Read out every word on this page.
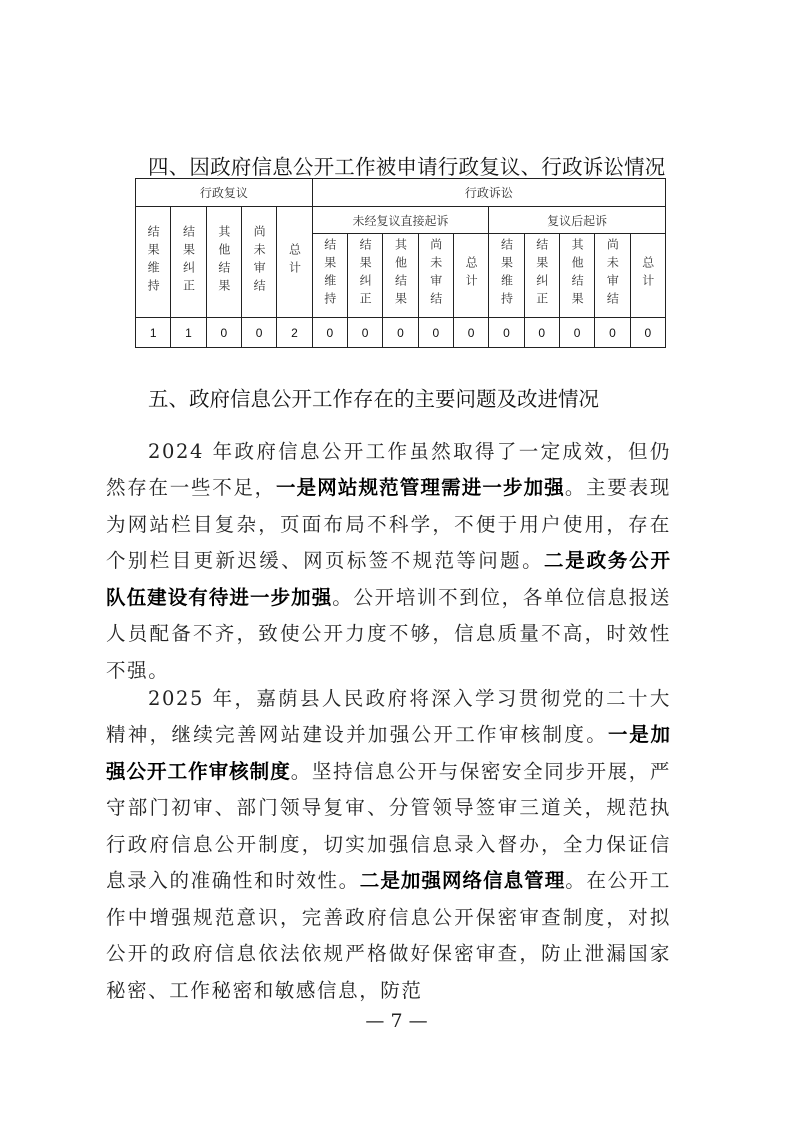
四、因政府信息公开工作被申请行政复议、行政诉讼情况
行政复议					行政诉讼									
结果维持	结果纠正	其他结果	尚未审结	总计	未经复议直接起诉					复议后起诉				
					结果维持	结果纠正	其他结果	尚未审结	总计	结果维持	结果纠正	其他结果	尚未审结	总计
1	1	0	0	2	0	0	0	0	0	0	0	0	0	0
五、政府信息公开工作存在的主要问题及改进情况

2024 年政府信息公开工作虽然取得了一定成效，但仍然存在一些不足，一是网站规范管理需进一步加强。主要表现为网站栏目复杂，页面布局不科学，不便于用户使用，存在个别栏目更新迟缓、网页标签不规范等问题。二是政务公开队伍建设有待进一步加强。公开培训不到位，各单位信息报送人员配备不齐，致使公开力度不够，信息质量不高，时效性不强。

2025 年，嘉荫县人民政府将深入学习贯彻党的二十大精神，继续完善网站建设并加强公开工作审核制度。一是加强公开工作审核制度。坚持信息公开与保密安全同步开展，严守部门初审、部门领导复审、分管领导签审三道关，规范执行政府信息公开制度，切实加强信息录入督办，全力保证信息录入的准确性和时效性。二是加强网络信息管理。在公开工作中增强规范意识，完善政府信息公开保密审查制度，对拟公开的政府信息依法依规严格做好保密审查，防止泄漏国家秘密、工作秘密和敏感信息，防范

— 7 —
